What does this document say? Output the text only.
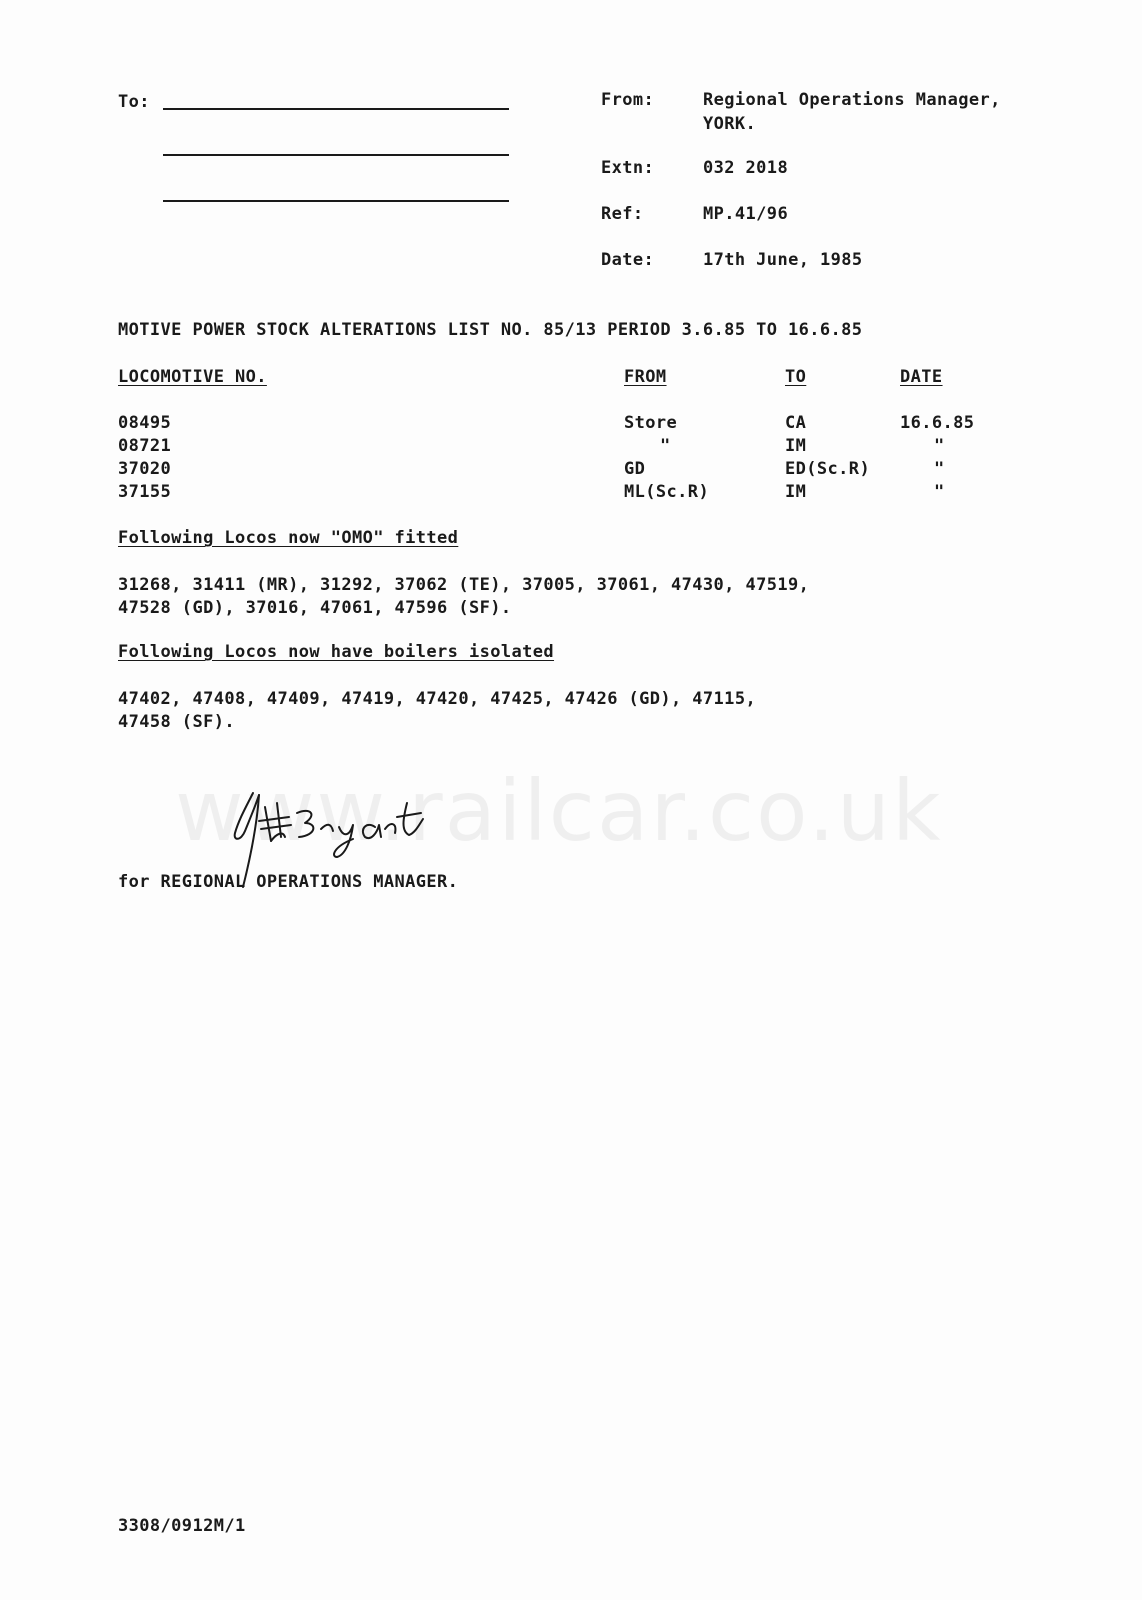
www.railcar.co.uk
To:	From:	Regional Operations Manager,
YORK.
Extn:	032 2018
Ref:	MP.41/96
Date:	17th June, 1985
MOTIVE POWER STOCK ALTERATIONS LIST NO. 85/13 PERIOD 3.6.85 TO 16.6.85
LOCOMOTIVE NO.	FROM	TO	DATE
08495	Store	CA	16.6.85
08721	"	IM	"
37020	GD	ED(Sc.R)	"
37155	ML(Sc.R)	IM	"
Following Locos now "OMO" fitted
31268, 31411 (MR), 31292, 37062 (TE), 37005, 37061, 47430, 47519,
47528 (GD), 37016, 47061, 47596 (SF).
Following Locos now have boilers isolated
47402, 47408, 47409, 47419, 47420, 47425, 47426 (GD), 47115,
47458 (SF).
for REGIONAL OPERATIONS MANAGER.
3308/0912M/1
